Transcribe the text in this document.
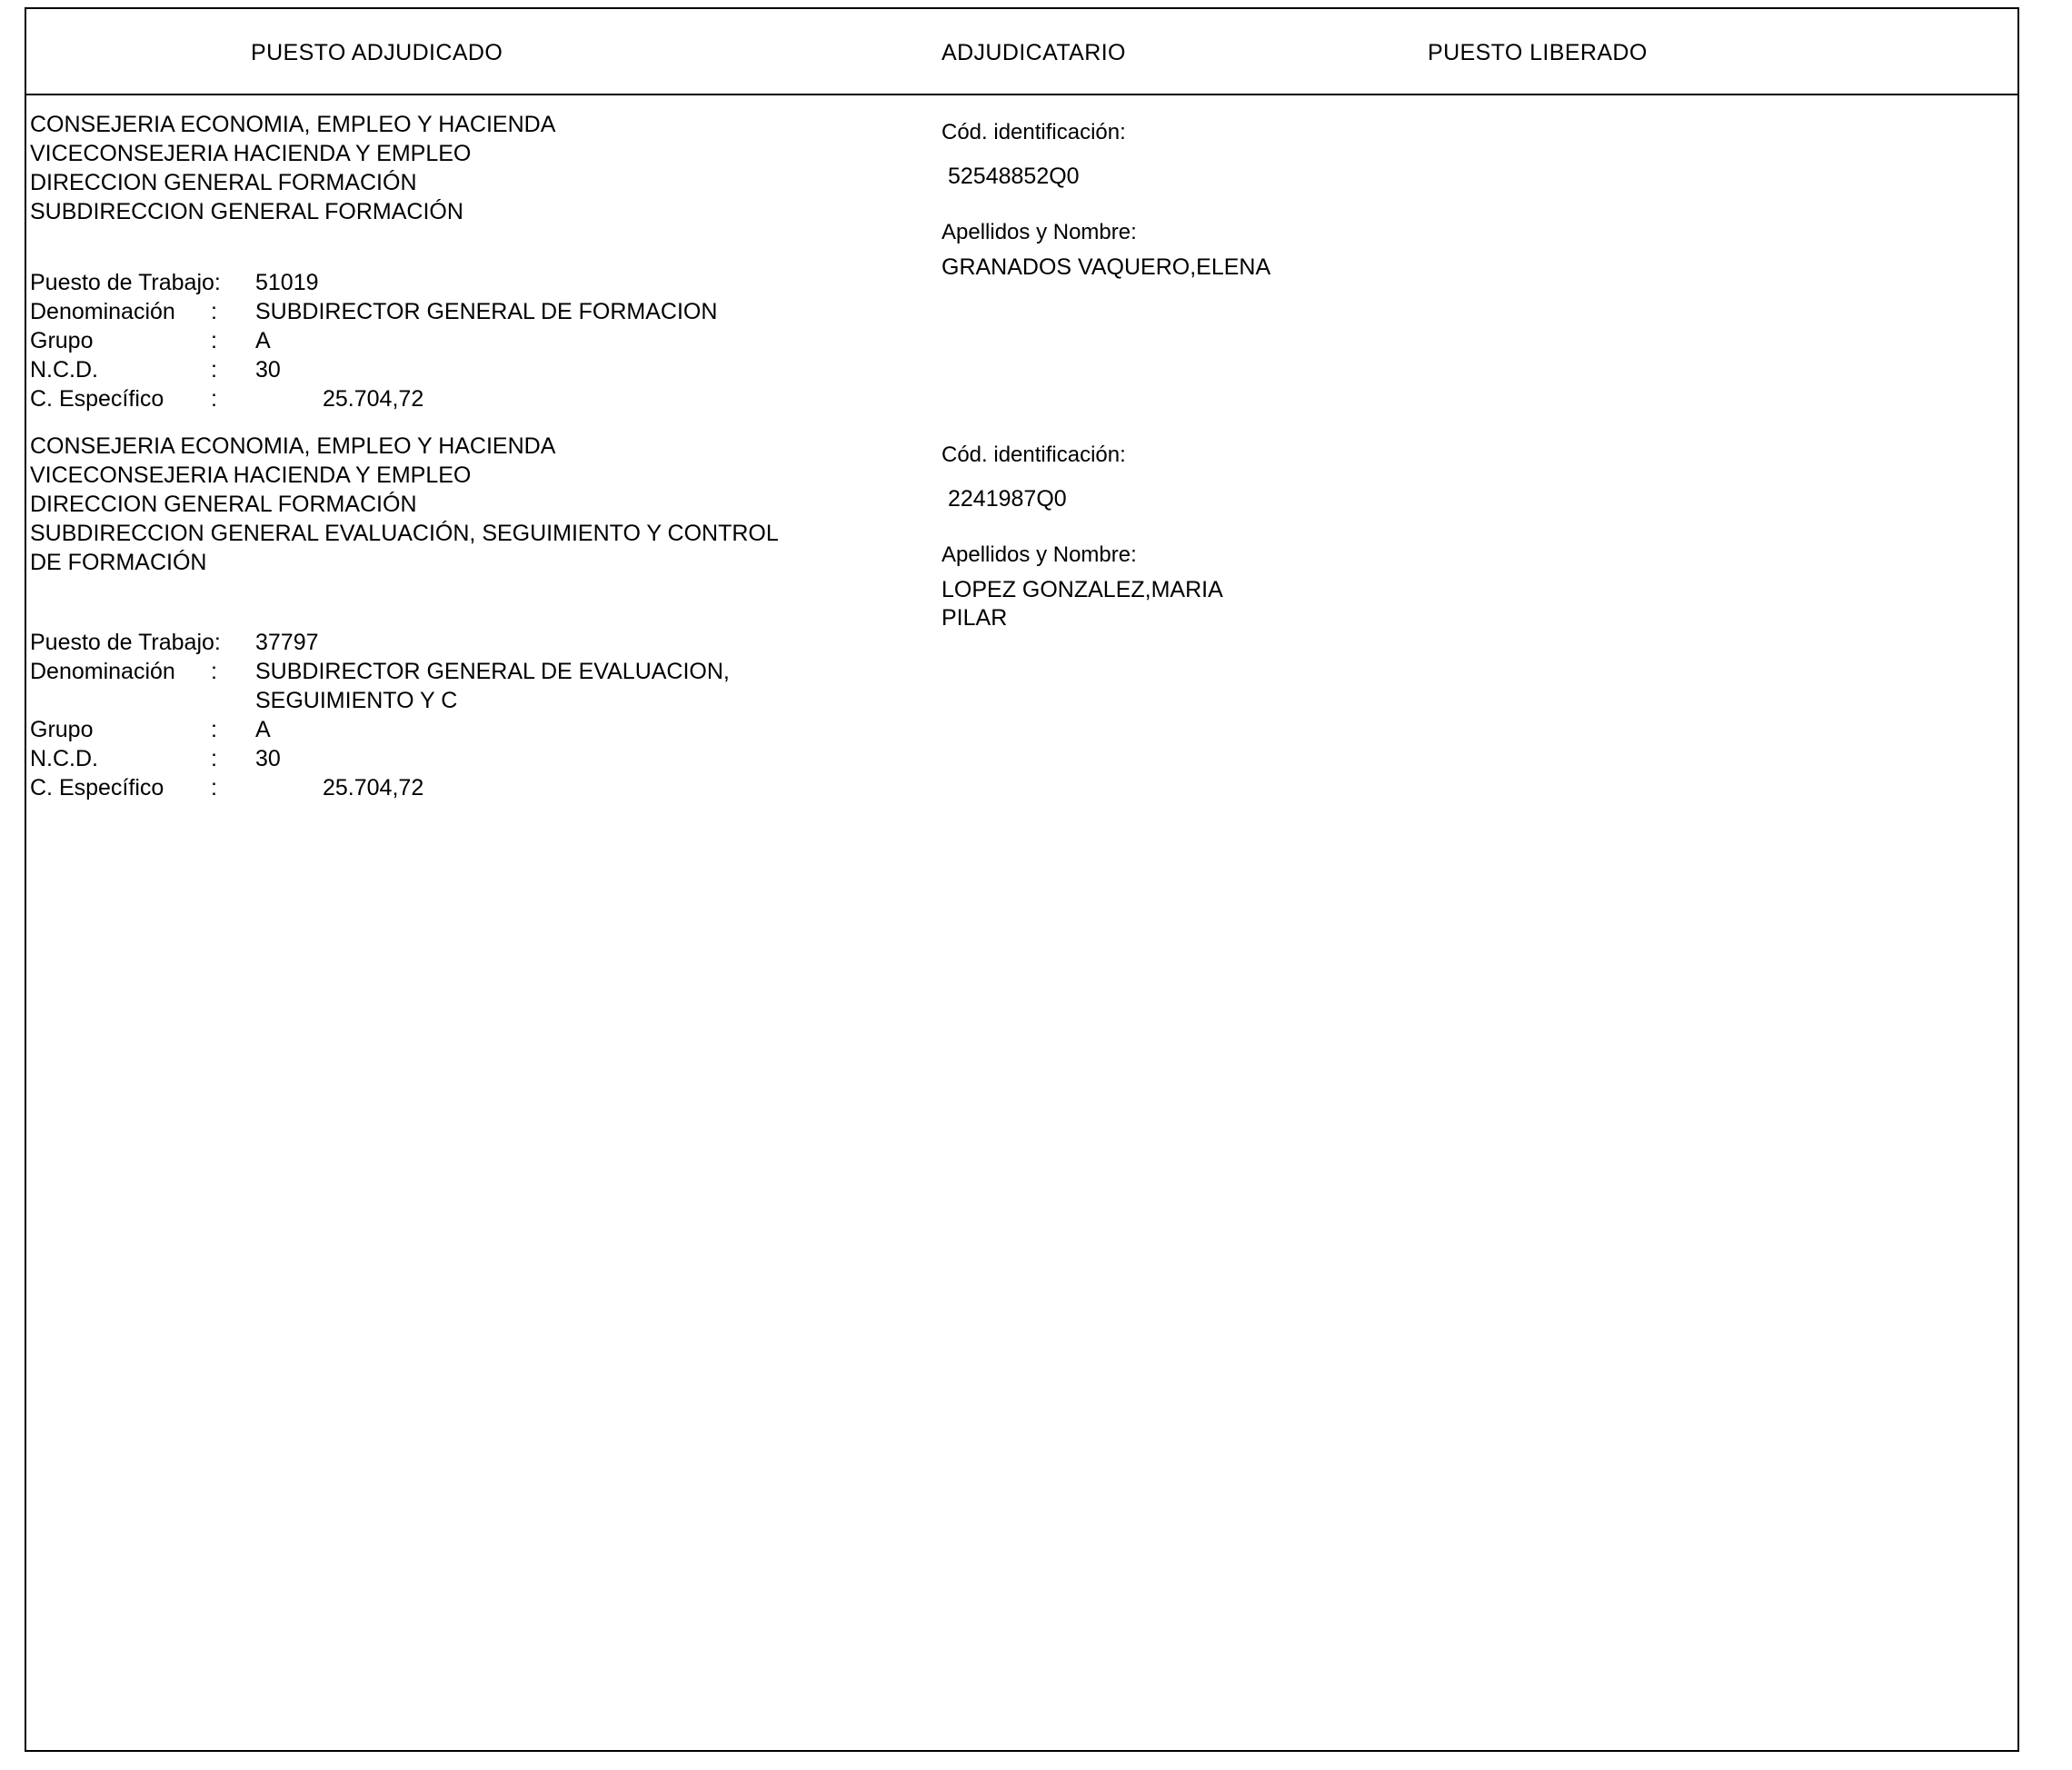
PUESTO ADJUDICADO	ADJUDICATARIO	PUESTO LIBERADO
CONSEJERIA ECONOMIA, EMPLEO Y HACIENDA
VICECONSEJERIA HACIENDA Y EMPLEO
DIRECCION GENERAL FORMACIÓN
SUBDIRECCION GENERAL FORMACIÓN
Puesto de Trabajo: 51019
Denominación : SUBDIRECTOR GENERAL DE FORMACION
Grupo	: A
N.C.D.	: 30
C. Específico :	25.704,72
Cód. identificación:
52548852Q0
Apellidos y Nombre:
GRANADOS VAQUERO,ELENA
CONSEJERIA ECONOMIA, EMPLEO Y HACIENDA
VICECONSEJERIA HACIENDA Y EMPLEO
DIRECCION GENERAL FORMACIÓN
SUBDIRECCION GENERAL EVALUACIÓN, SEGUIMIENTO Y CONTROL DE FORMACIÓN
Puesto de Trabajo: 37797
Denominación : SUBDIRECTOR GENERAL DE EVALUACION, SEGUIMIENTO Y C
Grupo	: A
N.C.D.	: 30
C. Específico :	25.704,72
Cód. identificación:
2241987Q0
Apellidos y Nombre:
LOPEZ GONZALEZ,MARIA PILAR
